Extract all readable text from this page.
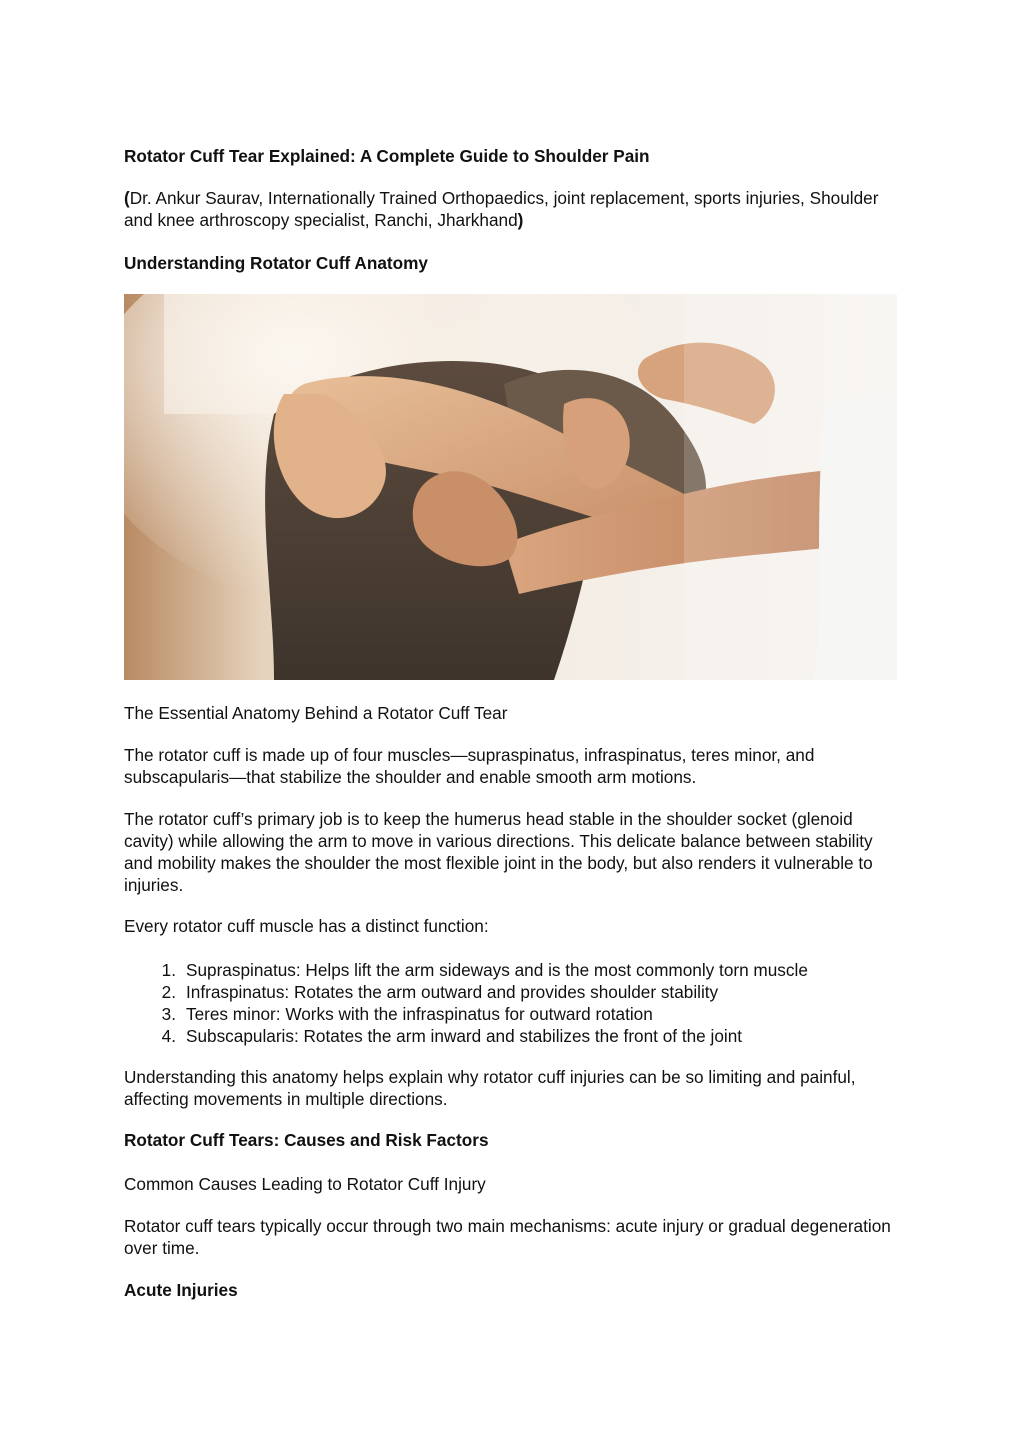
Rotator Cuff Tear Explained: A Complete Guide to Shoulder Pain

(Dr. Ankur Saurav, Internationally Trained Orthopaedics, joint replacement, sports injuries, Shoulder and knee arthroscopy specialist, Ranchi, Jharkhand)

Understanding Rotator Cuff Anatomy

The Essential Anatomy Behind a Rotator Cuff Tear

The rotator cuff is made up of four muscles—supraspinatus, infraspinatus, teres minor, and subscapularis—that stabilize the shoulder and enable smooth arm motions.

The rotator cuff’s primary job is to keep the humerus head stable in the shoulder socket (glenoid cavity) while allowing the arm to move in various directions. This delicate balance between stability and mobility makes the shoulder the most flexible joint in the body, but also renders it vulnerable to injuries.

Every rotator cuff muscle has a distinct function:

1. Supraspinatus: Helps lift the arm sideways and is the most commonly torn muscle
2. Infraspinatus: Rotates the arm outward and provides shoulder stability
3. Teres minor: Works with the infraspinatus for outward rotation
4. Subscapularis: Rotates the arm inward and stabilizes the front of the joint

Understanding this anatomy helps explain why rotator cuff injuries can be so limiting and painful, affecting movements in multiple directions.

Rotator Cuff Tears: Causes and Risk Factors

Common Causes Leading to Rotator Cuff Injury

Rotator cuff tears typically occur through two main mechanisms: acute injury or gradual degeneration over time.

Acute Injuries
